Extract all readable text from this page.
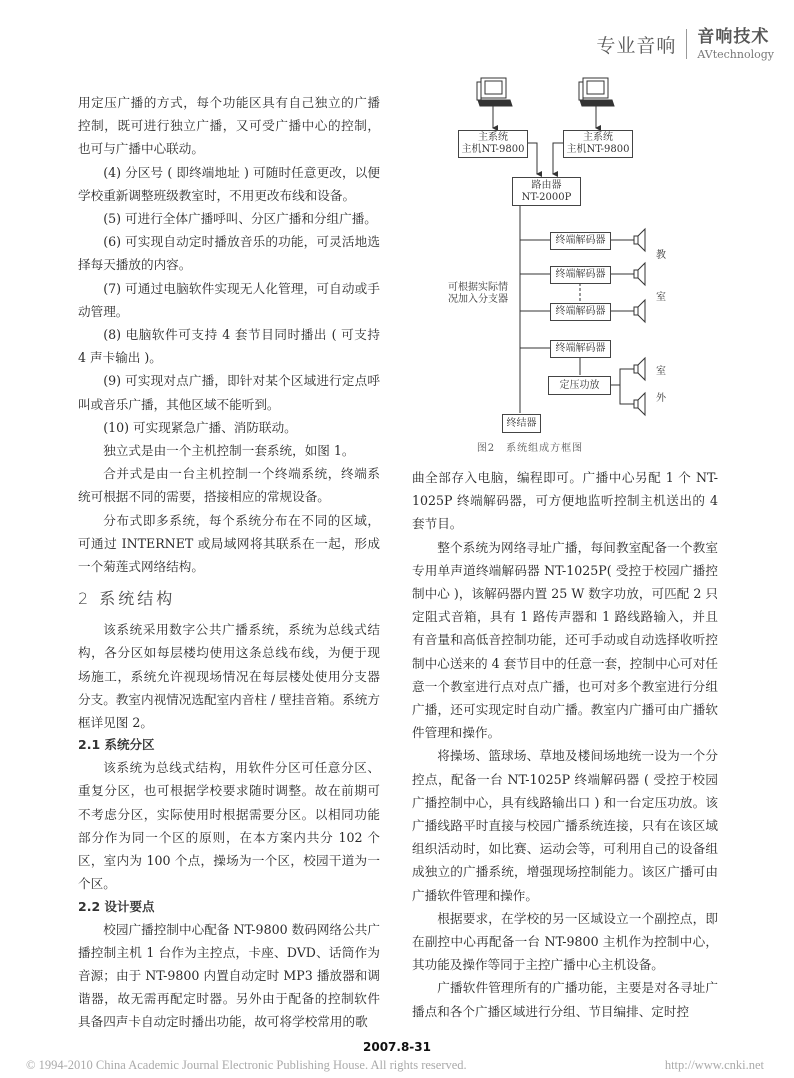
专业音响 音响技术
AVtechnology

用定压广播的方式，每个功能区具有自己独立的广播控制，既可进行独立广播，又可受广播中心的控制，也可与广播中心联动。

(4) 分区号 ( 即终端地址 ) 可随时任意更改，以便学校重新调整班级教室时，不用更改布线和设备。

(5) 可进行全体广播呼叫、分区广播和分组广播。

(6) 可实现自动定时播放音乐的功能，可灵活地选择每天播放的内容。

(7) 可通过电脑软件实现无人化管理，可自动或手动管理。

(8) 电脑软件可支持 4 套节目同时播出 ( 可支持 4 声卡输出 )。

(9) 可实现对点广播，即针对某个区域进行定点呼叫或音乐广播，其他区域不能听到。

(10) 可实现紧急广播、消防联动。

独立式是由一个主机控制一套系统，如图 1。

合并式是由一台主机控制一个终端系统，终端系统可根据不同的需要，搭接相应的常规设备。

分布式即多系统，每个系统分布在不同的区域，可通过 INTERNET 或局域网将其联系在一起，形成一个菊莲式网络结构。

2 系统结构

该系统采用数字公共广播系统，系统为总线式结构，各分区如每层楼均使用这条总线布线，为便于现场施工，系统允许视现场情况在每层楼处使用分支器分支。教室内视情况选配室内音柱 / 壁挂音箱。系统方框详见图 2。

2.1 系统分区

该系统为总线式结构，用软件分区可任意分区、重复分区，也可根据学校要求随时调整。故在前期可不考虑分区，实际使用时根据需要分区。以相同功能部分作为同一个区的原则，在本方案内共分 102 个区，室内为 100 个点，操场为一个区，校园干道为一个区。

2.2 设计要点

校园广播控制中心配备 NT-9800 数码网络公共广播控制主机 1 台作为主控点，卡座、DVD、话筒作为音源；由于 NT-9800 内置自动定时 MP3 播放器和调谐器，故无需再配定时器。另外由于配备的控制软件具备四声卡自动定时播出功能，故可将学校常用的歌

主系统
主机NT-9800
主系统
主机NT-9800
路由器
NT-2000P
终端解码器
终端解码器
终端解码器
终端解码器
定压功放
终结器
可根据实际情
况加入分支器
教
室
室
外
图2　系统组成方框图

曲全部存入电脑，编程即可。广播中心另配 1 个 NT-1025P 终端解码器，可方便地监听控制主机送出的 4 套节目。

整个系统为网络寻址广播，每间教室配备一个教室专用单声道终端解码器 NT-1025P( 受控于校园广播控制中心 )，该解码器内置 25 W 数字功放，可匹配 2 只定阻式音箱，具有 1 路传声器和 1 路线路输入，并且有音量和高低音控制功能，还可手动或自动选择收听控制中心送来的 4 套节目中的任意一套，控制中心可对任意一个教室进行点对点广播，也可对多个教室进行分组广播，还可实现定时自动广播。教室内广播可由广播软件管理和操作。

将操场、篮球场、草地及楼间场地统一设为一个分控点，配备一台 NT-1025P 终端解码器 ( 受控于校园广播控制中心，具有线路输出口 ) 和一台定压功放。该广播线路平时直接与校园广播系统连接，只有在该区域组织活动时，如比赛、运动会等，可利用自己的设备组成独立的广播系统，增强现场控制能力。该区广播可由广播软件管理和操作。

根据要求，在学校的另一区域设立一个副控点，即在副控中心再配备一台 NT-9800 主机作为控制中心，其功能及操作等同于主控广播中心主机设备。

广播软件管理所有的广播功能，主要是对各寻址广播点和各个广播区域进行分组、节目编排、定时控

2007.8-31
© 1994-2010 China Academic Journal Electronic Publishing House. All rights reserved.	http://www.cnki.net
